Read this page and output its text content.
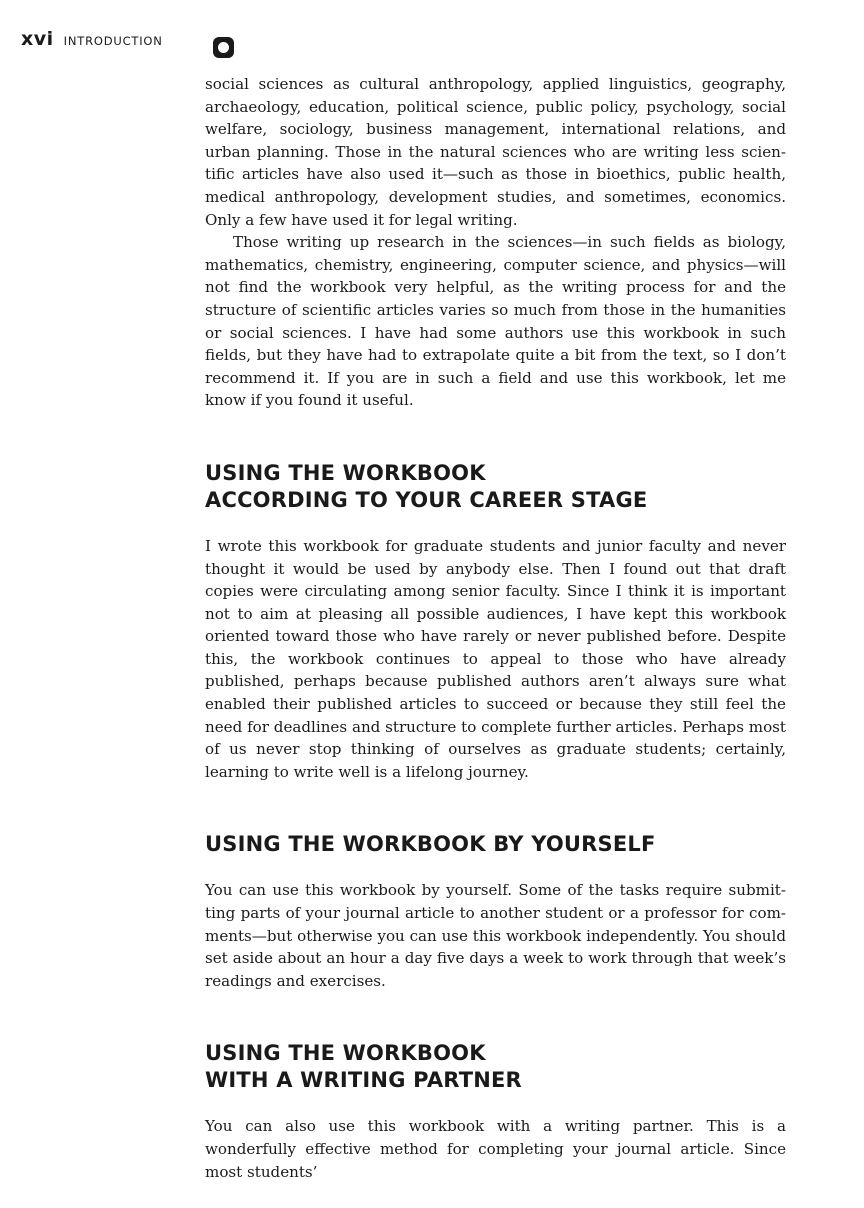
xvi INTRODUCTION

social sciences as cultural anthropology, applied linguistics, geography, archaeology, education, political science, public policy, psychology, social welfare, sociology, business management, international relations, and urban planning. Those in the natural sciences who are writing less scientific articles have also used it—such as those in bioethics, public health, medical anthropology, development studies, and sometimes, economics. Only a few have used it for legal writing.

Those writing up research in the sciences—in such fields as biology, mathematics, chemistry, engineering, computer science, and physics—will not find the workbook very helpful, as the writing process for and the structure of scientific articles varies so much from those in the humanities or social sciences. I have had some authors use this workbook in such fields, but they have had to extrapolate quite a bit from the text, so I don’t recommend it. If you are in such a field and use this workbook, let me know if you found it useful.

USING THE WORKBOOK
ACCORDING TO YOUR CAREER STAGE

I wrote this workbook for graduate students and junior faculty and never thought it would be used by anybody else. Then I found out that draft copies were circulating among senior faculty. Since I think it is important not to aim at pleasing all possible audiences, I have kept this workbook oriented toward those who have rarely or never published before. Despite this, the workbook continues to appeal to those who have already published, perhaps because published authors aren’t always sure what enabled their published articles to succeed or because they still feel the need for deadlines and structure to complete further articles. Perhaps most of us never stop thinking of ourselves as graduate students; certainly, learning to write well is a lifelong journey.

USING THE WORKBOOK BY YOURSELF

You can use this workbook by yourself. Some of the tasks require submitting parts of your journal article to another student or a professor for comments—but otherwise you can use this workbook independently. You should set aside about an hour a day five days a week to work through that week’s readings and exercises.

USING THE WORKBOOK
WITH A WRITING PARTNER

You can also use this workbook with a writing partner. This is a wonderfully effective method for completing your journal article. Since most students’
